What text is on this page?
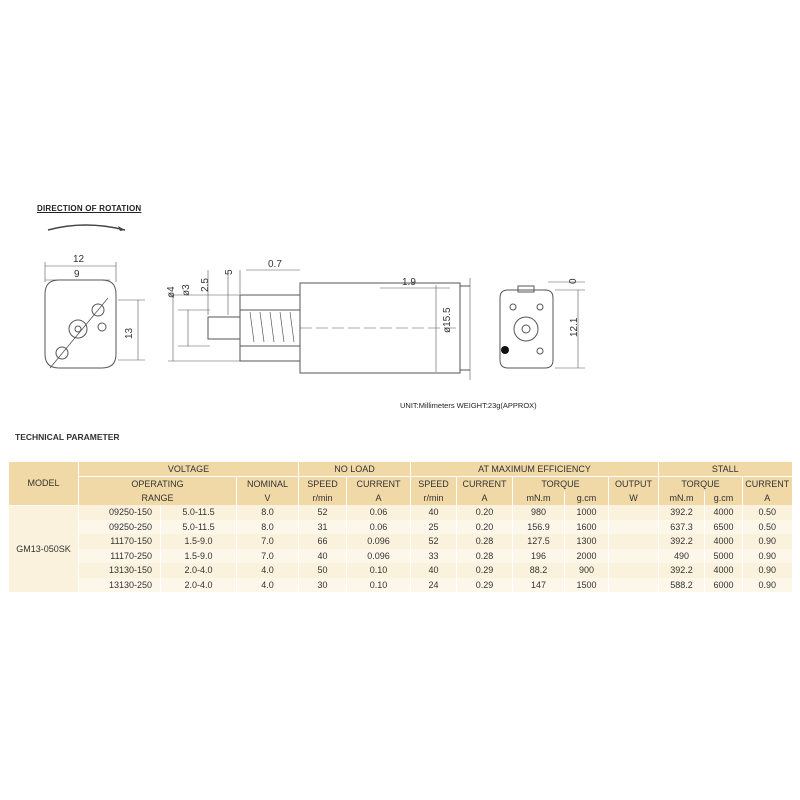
DIRECTION OF ROTATION
12
9
13
ø4 ø3 2.5
5
0.7
1.9
ø15.5
0
12.1
UNIT:Millimeters WEIGHT:23g(APPROX)
TECHNICAL PARAMETER
MODEL	VOLTAGE			NO LOAD		AT MAXIMUM EFFICIENCY					STALL		
	OPERATING		NOMINAL	SPEED	CURRENT	SPEED	CURRENT	TORQUE		OUTPUT	TORQUE		CURRENT
	RANGE		V	r/min	A	r/min	A	mN.m	g.cm	W	mN.m	g.cm	A
GM13-050SK	09250-150	5.0-11.5	8.0	52	0.06	40	0.20	980	1000		392.2	4000	0.50
	09250-250	5.0-11.5	8.0	31	0.06	25	0.20	156.9	1600		637.3	6500	0.50
	11170-150	1.5-9.0	7.0	66	0.096	52	0.28	127.5	1300		392.2	4000	0.90
	11170-250	1.5-9.0	7.0	40	0.096	33	0.28	196	2000		490	5000	0.90
	13130-150	2.0-4.0	4.0	50	0.10	40	0.29	88.2	900		392.2	4000	0.90
	13130-250	2.0-4.0	4.0	30	0.10	24	0.29	147	1500		588.2	6000	0.90
